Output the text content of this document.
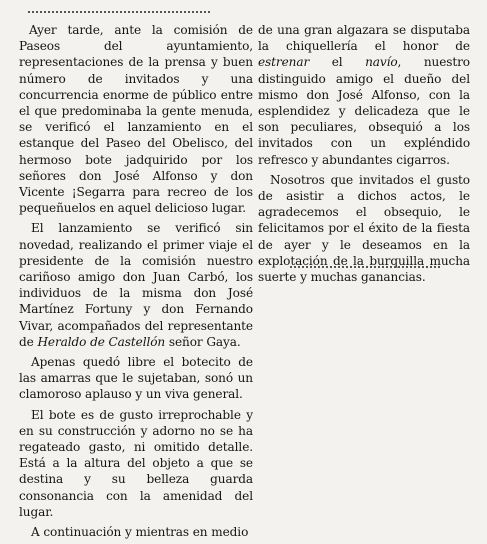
Ayer tarde, ante la comisión de Paseos del ayuntamiento, representaciones de la prensa y buen número de invitados y una concurrencia enorme de público entre el que predominaba la gente menuda, se verificó el lanzamiento en el estanque del Paseo del Obelisco, del hermoso bote jadquirido por los señores don José Alfonso y don Vicente ¡Segarra para recreo de los pequeñuelos en aquel delicioso lugar.

El lanzamiento se verificó sin novedad, realizando el primer viaje el presidente de la comisión nuestro cariñoso amigo don Juan Carbó, los individuos de la misma don José Martínez Fortuny y don Fernando Vivar, acompañados del representante de Heraldo de Castellón señor Gaya.

Apenas quedó libre el botecito de las amarras que le sujetaban, sonó un clamoroso aplauso y un viva general.

El bote es de gusto irreprochable y en su construcción y adorno no se ha regateado gasto, ni omitido detalle. Está a la altura del objeto a que se destina y su belleza guarda consonancia con la amenidad del lugar.

A continuación y mientras en medio

de una gran algazara se disputaba la chiquellería el honor de estrenar el navío, nuestro distinguido amigo el dueño del mismo don José Alfonso, con la esplendidez y delicadeza que le son peculiares, obsequió a los invitados con un expléndido refresco y abundantes cigarros.

Nosotros que invitados el gusto de asistir a dichos actos, le agradecemos el obsequio, le felicitamos por el éxito de la fiesta de ayer y le deseamos en la explotación de la burquilla mucha suerte y muchas ganancias.
